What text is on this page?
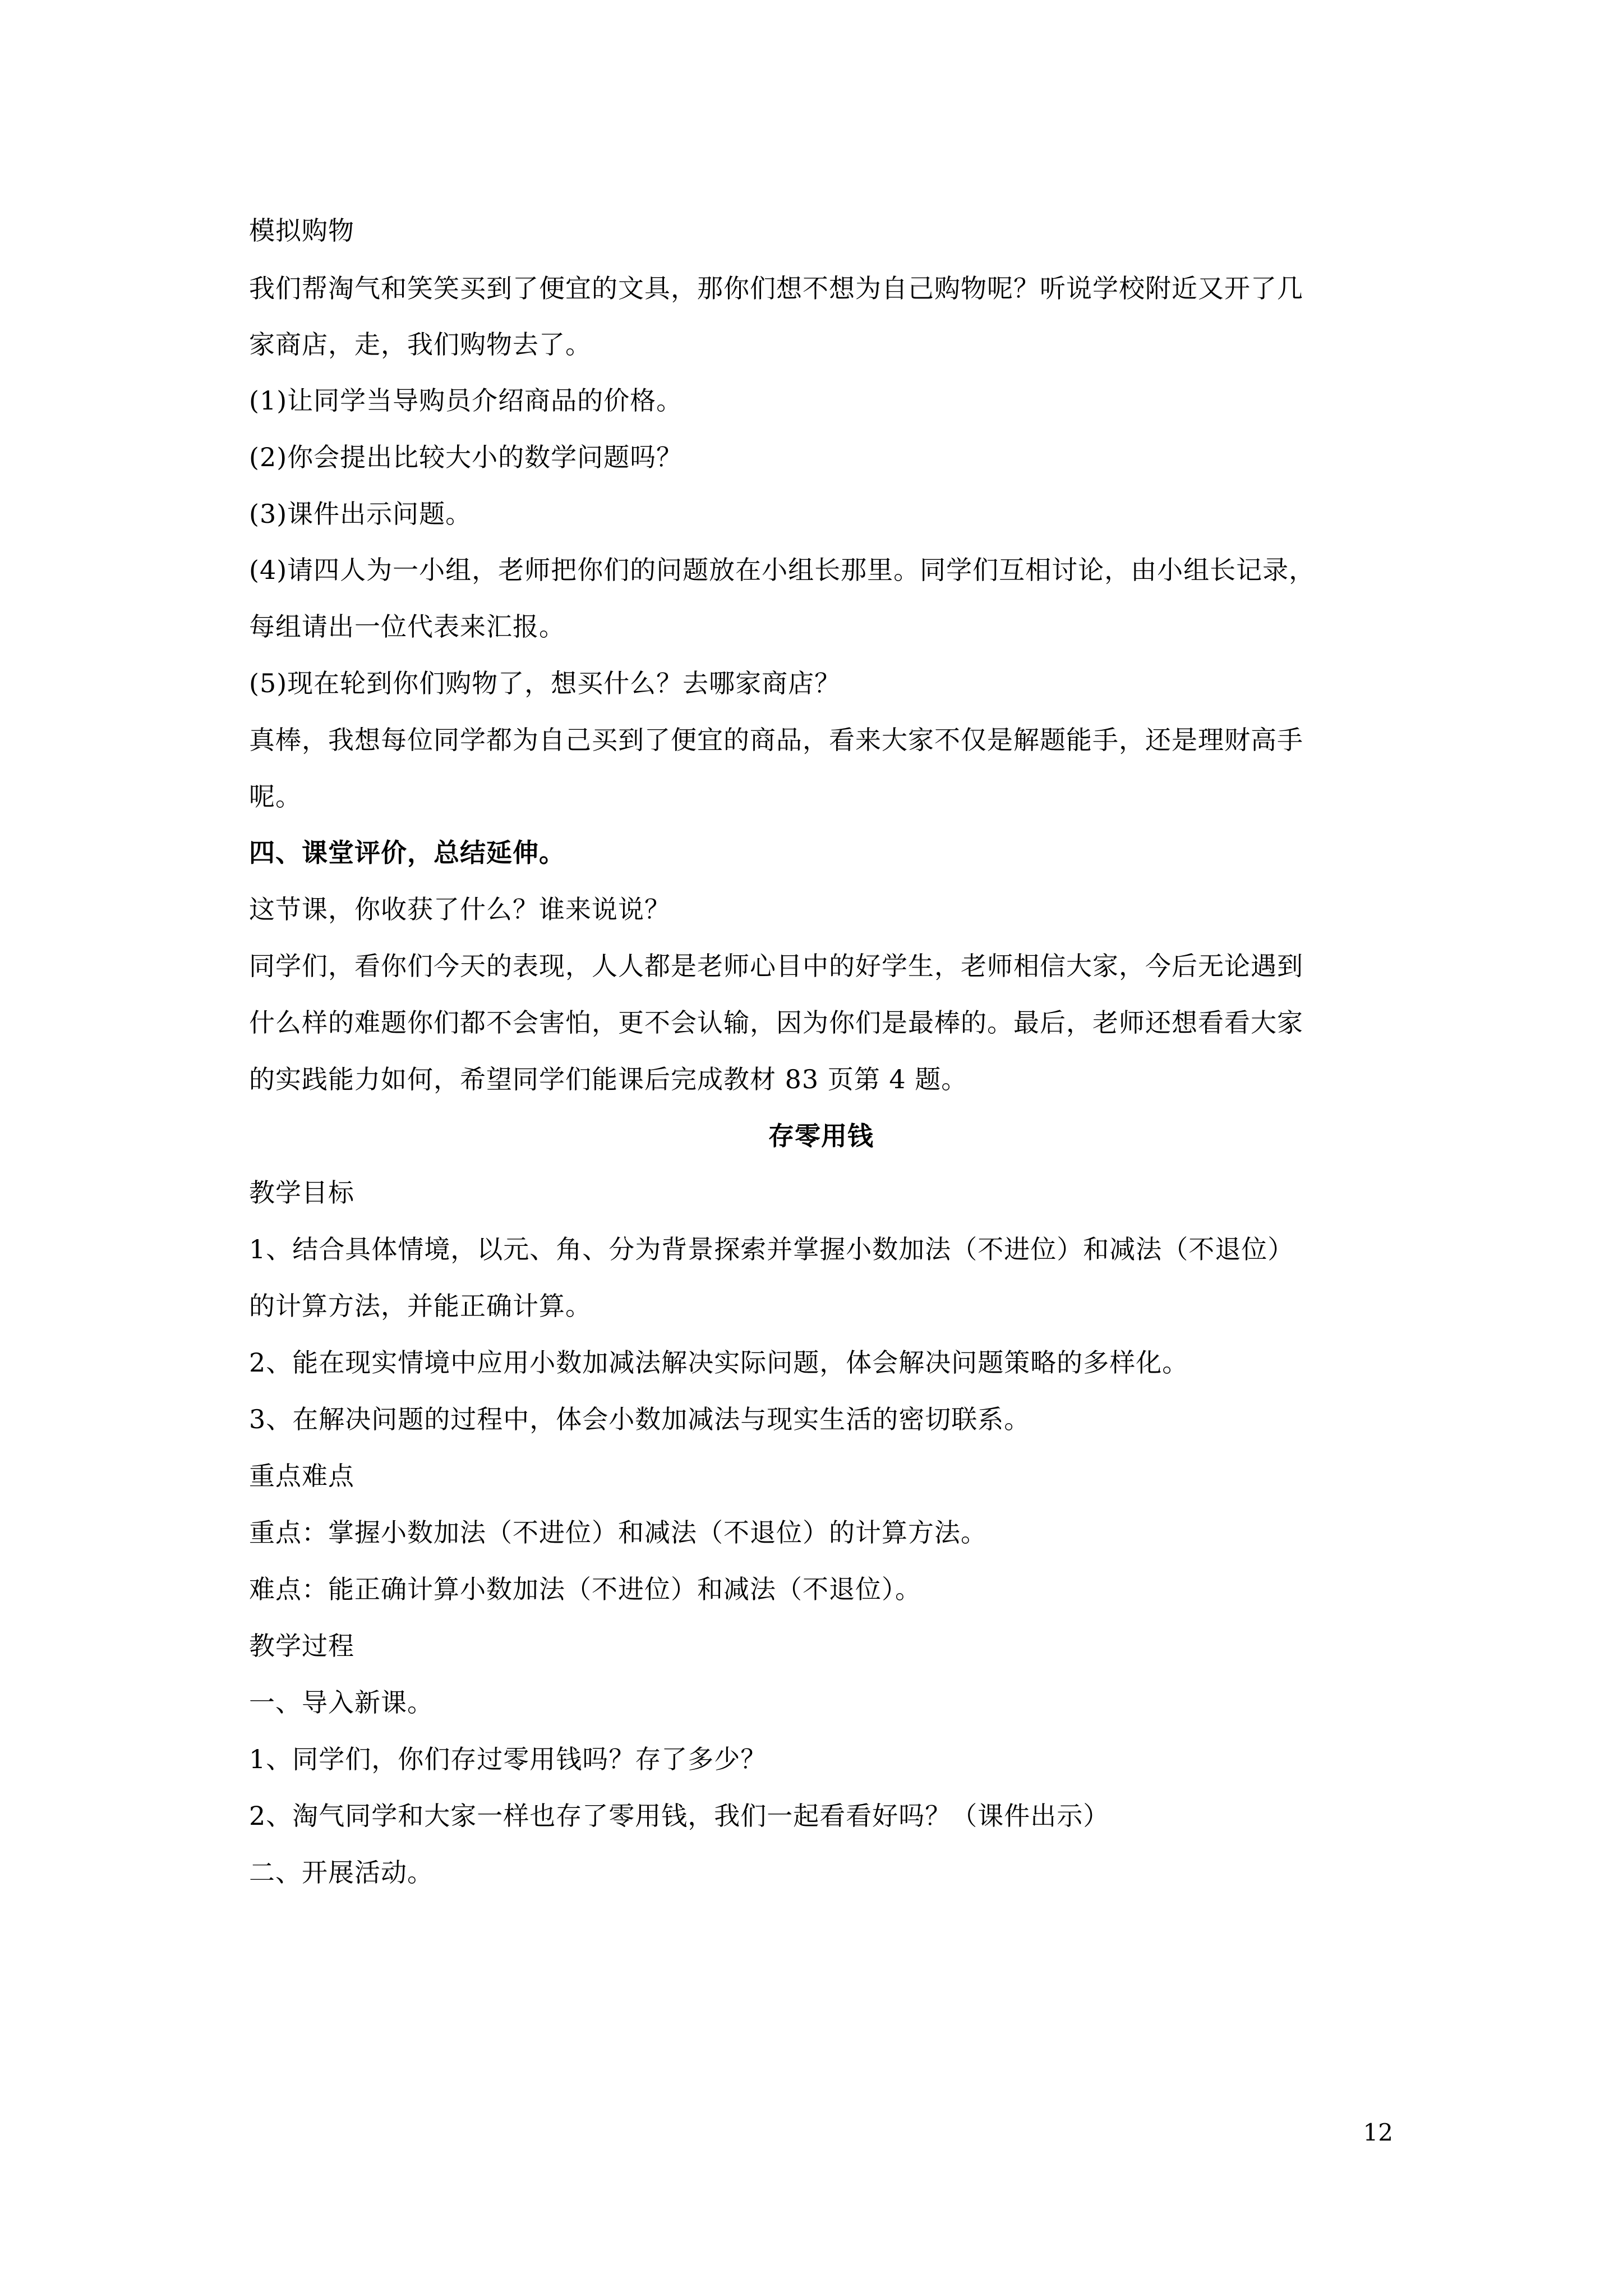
模拟购物
我们帮淘气和笑笑买到了便宜的文具，那你们想不想为自己购物呢？听说学校附近又开了几
家商店，走，我们购物去了。
(1)让同学当导购员介绍商品的价格。
(2)你会提出比较大小的数学问题吗？
(3)课件出示问题。
(4)请四人为一小组，老师把你们的问题放在小组长那里。同学们互相讨论，由小组长记录，
每组请出一位代表来汇报。
(5)现在轮到你们购物了，想买什么？去哪家商店？
真棒，我想每位同学都为自己买到了便宜的商品，看来大家不仅是解题能手，还是理财高手
呢。
四、课堂评价，总结延伸。
这节课，你收获了什么？谁来说说？
同学们，看你们今天的表现，人人都是老师心目中的好学生，老师相信大家，今后无论遇到
什么样的难题你们都不会害怕，更不会认输，因为你们是最棒的。最后，老师还想看看大家
的实践能力如何，希望同学们能课后完成教材 83 页第 4 题。
存零用钱
教学目标
1、结合具体情境，以元、角、分为背景探索并掌握小数加法（不进位）和减法（不退位）
的计算方法，并能正确计算。
2、能在现实情境中应用小数加减法解决实际问题，体会解决问题策略的多样化。
3、在解决问题的过程中，体会小数加减法与现实生活的密切联系。
重点难点
重点：掌握小数加法（不进位）和减法（不退位）的计算方法。
难点：能正确计算小数加法（不进位）和减法（不退位）。
教学过程
一、导入新课。
1、同学们，你们存过零用钱吗？存了多少？
2、淘气同学和大家一样也存了零用钱，我们一起看看好吗？（课件出示）
二、开展活动。
12
